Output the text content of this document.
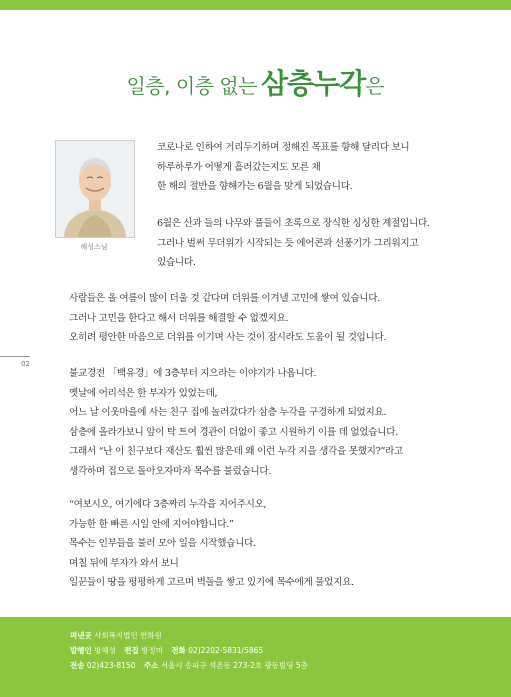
일층, 이층 없는 삼층누각은
해성스님
코로나로 인하여 거리두기하며 정해진 목표를 향해 달리다 보니
하루하루가 어떻게 흘러갔는지도 모른 채
한 해의 절반을 향해가는 6월을 맞게 되었습니다.
6월은 산과 들의 나무와 풀들이 초록으로 장식한 싱싱한 계절입니다.
그러나 벌써 무더위가 시작되는 듯 에어콘과 선풍기가 그리워지고
있습니다.
사람들은 올 여름이 많이 더울 것 같다며 더위를 이겨낼 고민에 쌓여 있습니다.
그러나 고민을 한다고 해서 더위를 해결할 수 없겠지요.
오히려 평안한 마음으로 더위를 이기며 사는 것이 잠시라도 도움이 될 것입니다.
02
불교경전 「백유경」에 3층부터 지으라는 이야기가 나옵니다.
옛날에 어리석은 한 부자가 있었는데,
어느 날 이웃마을에 사는 친구 집에 놀러갔다가 삼층 누각을 구경하게 되었지요.
삼층에 올라가보니 앞이 탁 트여 경관이 더없이 좋고 시원하기 이를 데 없었습니다.
그래서 “난 이 친구보다 재산도 훨씬 많은데 왜 이런 누각 지을 생각을 못했지?”라고
생각하며 집으로 돌아오자마자 목수를 불렀습니다.
“여보시오, 여기에다 3층짜리 누각을 지어주시오,
가능한 한 빠른 시일 안에 지어야합니다.”
목수는 인부들을 불러 모아 일을 시작했습니다.
며칠 뒤에 부자가 와서 보니
일꾼들이 땅을 평평하게 고르며 벽돌을 쌓고 있기에 목수에게 물었지요.
펴낸곳 사회복지법인 연화원
발행인 방해성 편집 방정미 전화 02)2202-5831/5865
전송 02)423-8150 주소 서울시 송파구 석촌동 273-2호 광동빌딩 5층
